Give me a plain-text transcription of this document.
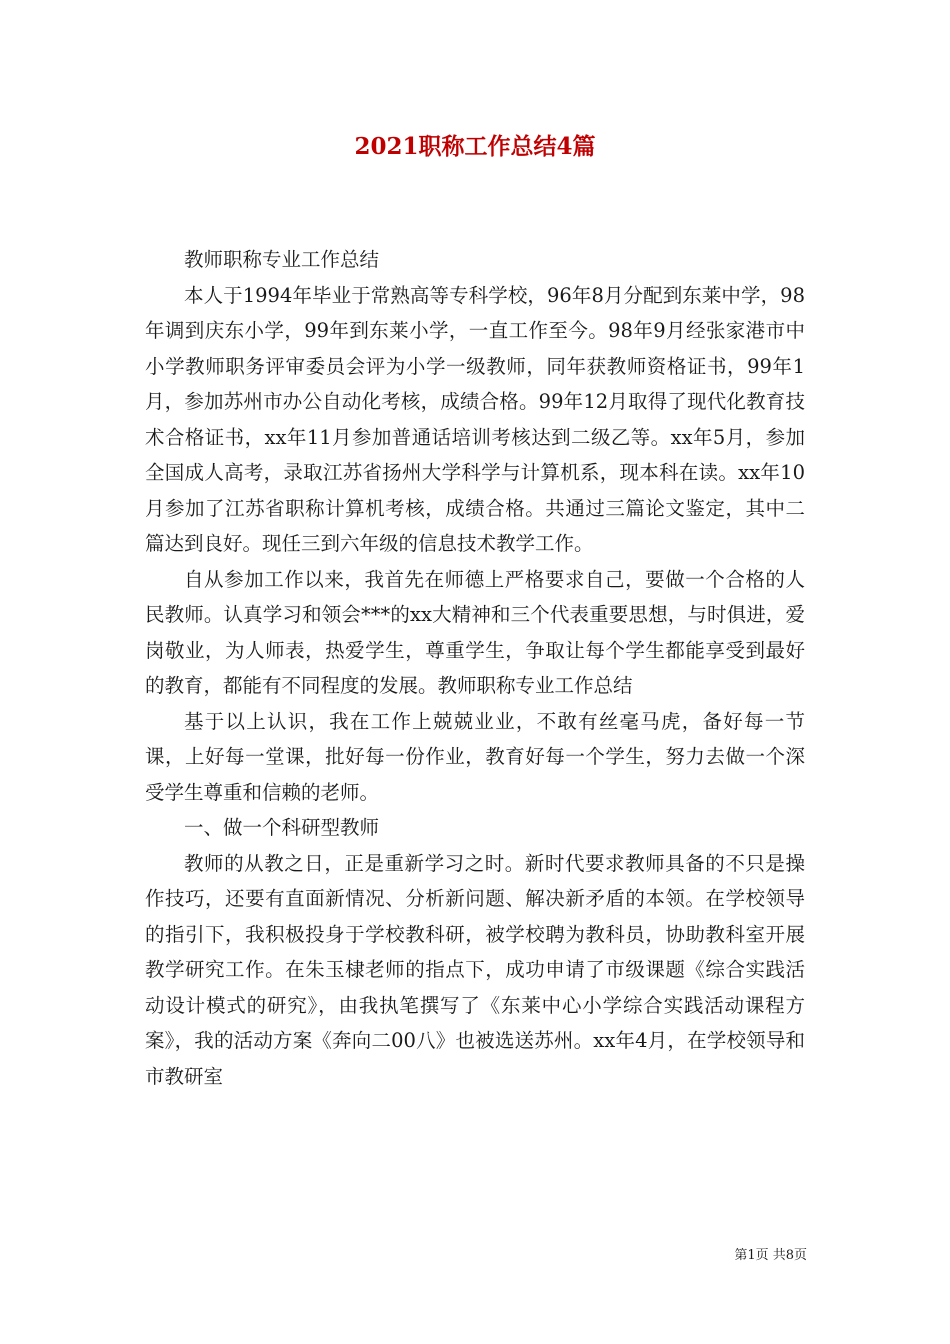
2021职称工作总结4篇

教师职称专业工作总结

本人于1994年毕业于常熟高等专科学校，96年8月分配到东莱中学，98年调到庆东小学，99年到东莱小学，一直工作至今。98年9月经张家港市中小学教师职务评审委员会评为小学一级教师，同年获教师资格证书，99年1月，参加苏州市办公自动化考核，成绩合格。99年12月取得了现代化教育技术合格证书，xx年11月参加普通话培训考核达到二级乙等。xx年5月，参加全国成人高考，录取江苏省扬州大学科学与计算机系，现本科在读。xx年10月参加了江苏省职称计算机考核，成绩合格。共通过三篇论文鉴定，其中二篇达到良好。现任三到六年级的信息技术教学工作。

自从参加工作以来，我首先在师德上严格要求自己，要做一个合格的人民教师。认真学习和领会***的xx大精神和三个代表重要思想，与时俱进，爱岗敬业，为人师表，热爱学生，尊重学生，争取让每个学生都能享受到最好的教育，都能有不同程度的发展。教师职称专业工作总结

基于以上认识，我在工作上兢兢业业，不敢有丝毫马虎，备好每一节课，上好每一堂课，批好每一份作业，教育好每一个学生，努力去做一个深受学生尊重和信赖的老师。

一、做一个科研型教师

教师的从教之日，正是重新学习之时。新时代要求教师具备的不只是操作技巧，还要有直面新情况、分析新问题、解决新矛盾的本领。在学校领导的指引下，我积极投身于学校教科研，被学校聘为教科员，协助教科室开展教学研究工作。在朱玉棣老师的指点下，成功申请了市级课题《综合实践活动设计模式的研究》，由我执笔撰写了《东莱中心小学综合实践活动课程方案》，我的活动方案《奔向二00八》也被选送苏州。xx年4月，在学校领导和市教研室

第1页 共8页
